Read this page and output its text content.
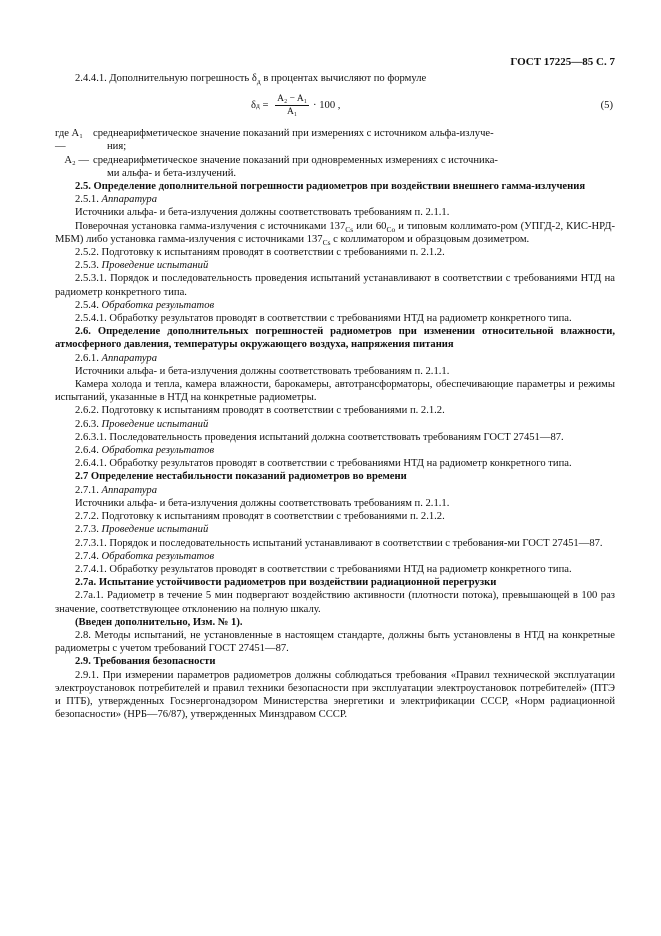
ГОСТ 17225—85 С. 7

2.4.4.1. Дополнительную погрешность $\delta_д$ в процентах вычисляют по формуле

δ $д = \frac{\text{A₂ − A₁}}{\text{A₁}} \cdot 100$ ,	(5)
где A₁ —
среднеарифметическое значение показаний при измерениях с источником альфа-излуче-
ния;
A₂ — среднеарифметическое значение показаний при одновременных измерениях с источника-
ми альфа- и бета-излучений.

2.5. Определение дополнительной погрешности радиометров при воздействии внешнего гамма-излучения

2.5.1. Аппаратура

Источники альфа- и бета-излучения должны соответствовать требованиям п. 2.1.1.

Поверочная установка гамма-излучения с источниками $137_{Cs}$ или $60_{Co}$ и типовым коллимато-ром (УПГД-2, КИС-НРД-МБМ) либо установка гамма-излучения с источниками $137_{Cs}$ с коллиматором и образцовым дозиметром.

2.5.2. Подготовку к испытаниям проводят в соответствии с требованиями п. 2.1.2.

2.5.3. Проведение испытаний

2.5.3.1. Порядок и последовательность проведения испытаний устанавливают в соответствии с требованиями НТД на радиометр конкретного типа.

2.5.4. Обработка результатов

2.5.4.1. Обработку результатов проводят в соответствии с требованиями НТД на радиометр конкретного типа.

2.6. Определение дополнительных погрешностей радиометров при изменении относительной влажности, атмосферного давления, температуры окружающего воздуха, напряжения питания

2.6.1. Аппаратура

Источники альфа- и бета-излучения должны соответствовать требованиям п. 2.1.1.

Камера холода и тепла, камера влажности, барокамеры, автотрансформаторы, обеспечивающие параметры и режимы испытаний, указанные в НТД на конкретные радиометры.

2.6.2. Подготовку к испытаниям проводят в соответствии с требованиями п. 2.1.2.

2.6.3. Проведение испытаний

2.6.3.1. Последовательность проведения испытаний должна соответствовать требованиям ГОСТ 27451—87.

2.6.4. Обработка результатов

2.6.4.1. Обработку результатов проводят в соответствии с требованиями НТД на радиометр конкретного типа.

2.7 Определение нестабильности показаний радиометров во времени

2.7.1. Аппаратура

Источники альфа- и бета-излучения должны соответствовать требованиям п. 2.1.1.

2.7.2. Подготовку к испытаниям проводят в соответствии с требованиями п. 2.1.2.

2.7.3. Проведение испытаний

2.7.3.1. Порядок и последовательность испытаний устанавливают в соответствии с требования-ми ГОСТ 27451—87.

2.7.4. Обработка результатов

2.7.4.1. Обработку результатов проводят в соответствии с требованиями НТД на радиометр конкретного типа.

2.7а. Испытание устойчивости радиометров при воздействии радиационной перегрузки

2.7а.1. Радиометр в течение 5 мин подвергают воздействию активности (плотности потока), превышающей в 100 раз значение, соответствующее отклонению на полную шкалу.

(Введен дополнительно, Изм. № 1).

2.8. Методы испытаний, не установленные в настоящем стандарте, должны быть установлены в НТД на конкретные радиометры с учетом требований ГОСТ 27451—87.

2.9. Требования безопасности

2.9.1. При измерении параметров радиометров должны соблюдаться требования «Правил технической эксплуатации электроустановок потребителей и правил техники безопасности при эксплуатации электроустановок потребителей» (ПТЭ и ПТБ), утвержденных Госэнергонадзором Министерства энергетики и электрификации СССР, «Норм радиационной безопасности» (НРБ—76/87), утвержденных Минздравом СССР.
